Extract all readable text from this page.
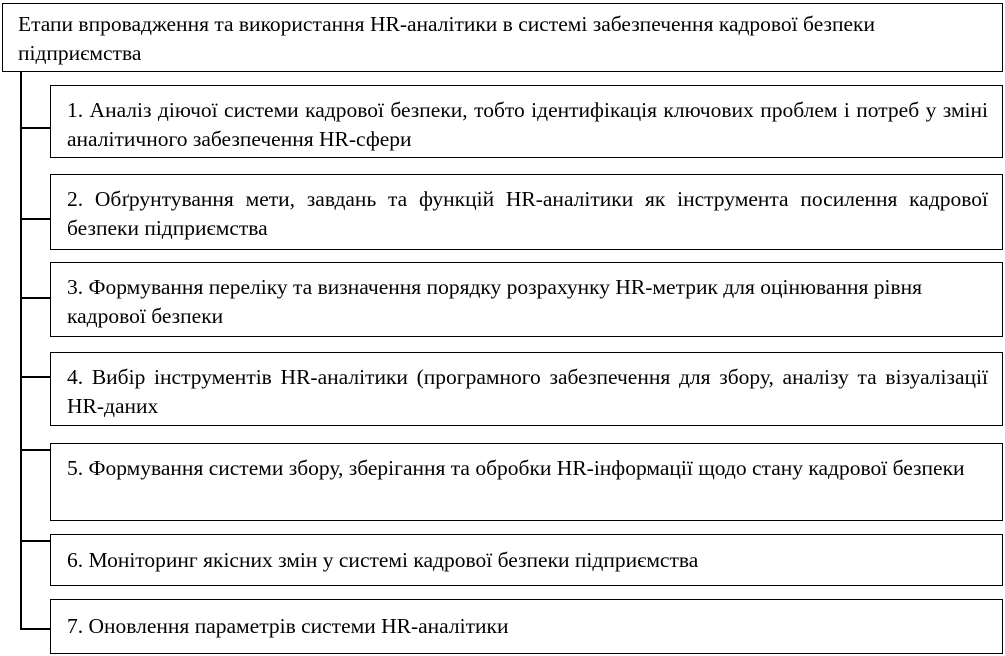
Етапи впровадження та використання HR-аналітики в системі забезпечення кадрової безпеки підприємства
1. Аналіз діючої системи кадрової безпеки, тобто ідентифікація ключових проблем і потреб у зміні аналітичного забезпечення HR-сфери
2. Обґрунтування мети, завдань та функцій HR-аналітики як інструмента посилення кадрової безпеки підприємства
3. Формування переліку та визначення порядку розрахунку HR-метрик для оцінювання рівня кадрової безпеки
4. Вибір інструментів HR-аналітики (програмного забезпечення для збору, аналізу та візуалізації HR-даних
5. Формування системи збору, зберігання та обробки HR-інформації щодо стану кадрової безпеки
6. Моніторинг якісних змін у системі кадрової безпеки підприємства
7. Оновлення параметрів системи HR-аналітики
